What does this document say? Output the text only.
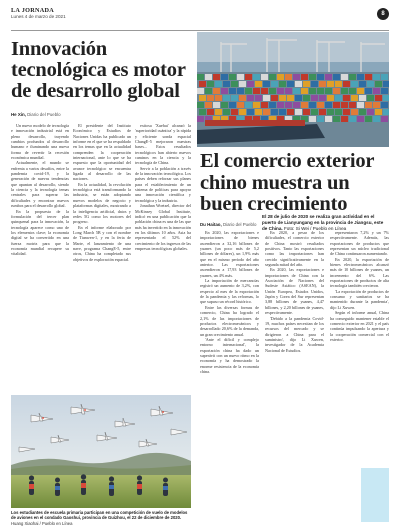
LA JORNADA
Lunes 4 de marzo de 2021	8
Innovación tecnológica es motor de desarrollo global
He Xin, Diario del Pueblo

Un nuevo modelo de tecnología e innovación industrial está en pleno desarrollo, trayendo cambios profundos al desarrollo humano e iluminando una nueva forma de revertir la recesión económica mundial.

Actualmente, el mundo se enfrenta a varios desafíos, entre la pandemia covid-19, y la generación de nuevas tendencias que apuntan al desarrollo, siendo la ciencia y la tecnología temas centrales para superar las dificultades y encontrar nuevos rumbos para el desarrollo global.

En la propuesta de la formulación del tercer plan quinquenal para la innovación, la tecnología aparece como uno de los elementos clave; la economía digital se ha convertido en una fuerza motriz para que la economía mundial recupere su vitalidad.

El presidente del Instituto Económico y Estudios de Naciones Unidas ha publicado un informe en el que se ha respaldado en los temas que en la actualidad comprenden la cooperación internacional, ante lo que se ha expuesto que la oportunidad del avance tecnológico se encuentra ligada al desarrollo de las naciones.

En la actualidad, la revolución tecnológica está transformando la industria, se están adoptando nuevos modelos de negocio y plataformas digitales, mostrando a la inteligencia artificial, datos y redes 5G como los motores del progreso.

En el informe elaborado por Long March 5B y con el nombre de Tianwen-1, y en la feria de Marte, el lanzamiento de una nave, programa ChangE-5, entre otros, China ha completado sus objetivos de exploración espacial.

exitosa 'Xuehai' alcanzó la 'superioridad cuántica' y la rápida y eficiente sonda espacial ChangE-5 mejoraron nuestras bases... Estos resultados tecnológicos han abierto nuevos caminos en la ciencia y la tecnología de China.

Servir a la población a través de la innovación tecnológica. Los países deben reforzar sus planes para el establecimiento de un sistema de políticas para apoyar una innovación científica y tecnológica y la industria.

Jonathan Woetzel, director del McKinsey Global Institute, indicó en una publicación que la población china es una de las que más ha invertido en la innovación en los últimos 10 años. Asia ha representado el 52% del crecimiento de los ingresos de las empresas tecnológicas globales.

Los estudiantes de escuela primaria participan en una competición de vuelo de modelos de aviones en el condado Gaoshui, provincia de Guizhou, el 22 de diciembre de 2020. Huang Xiaohai / Pueblo en Línea
El comercio exterior chino muestra un buen crecimiento
Du Haitao, Diario del Pueblo
El 28 de julio de 2020 se realiza gran actividad en el puerto de Lianyungang en la provincia de Jiangsu, este de China. Foto: Si Wei / Pueblo en Línea

En 2020, las exportaciones e importaciones de bienes ascendieron a 32,16 billones de yuanes (un poco más de 5,2 billones de dólares), un 1,9% más que en el mismo período del año anterior. Las exportaciones ascendieron a 17,93 billones de yuanes, un 4% más.

La importación de mercancías registró un aumento de 3,2%, con respecto al mes de la exportación de la pandemia y las reformas, lo que supuso un récord histórico.

Entre las diversas formas de comercio, China ha logrado el 2,1% de las importaciones de productos electromecánicos y desarrollado 20,6% de la demanda, un gran crecimiento anual.

'Ante el difícil y complejo entorno internacional', la exportación china ha dado un superávit con un nuevo ritmo en la economía y ha demostrado la enorme resistencia de la economía china.

En 2020, a pesar de los dificultades, el comercio exterior de China mostró resultados positivos. Tanto las exportaciones como las importaciones han crecido significativamente en la segunda mitad del año.

En 2020, las exportaciones e importaciones de China con la Asociación de Naciones del Sudeste Asiático (ASEAN), la Unión Europea, Estados Unidos, Japón y Corea del Sur representan 3,88 billones de yuanes, 4,47 billones, y 2,20 billones de yuanes, respectivamente.

'Debido a la pandemia Covid-19, muchos países necesitan de los recursos del mercado y se dirigieron a China para el suministro', dijo Li Xuwen, investigador de la Academia Nacional de Estudios.

representaron 7,2% y un 7% respectivamente. Además, las exportaciones de productos que representan un núcleo tradicional de China continuaron aumentando.

En 2020, la exportación de bienes electromecánicos alcanzó más de 10 billones de yuanes, un incremento del 6%. Las exportaciones de productos de alta tecnología también crecieron.

'La exportación de productos de consumo y sanitarios se ha mantenido durante la pandemia', dijo Li Xuwen.

Según el informe anual, China ha conseguido mantener estable el comercio exterior en 2021 y el país continúa impulsando la apertura y la cooperación comercial con el exterior.
